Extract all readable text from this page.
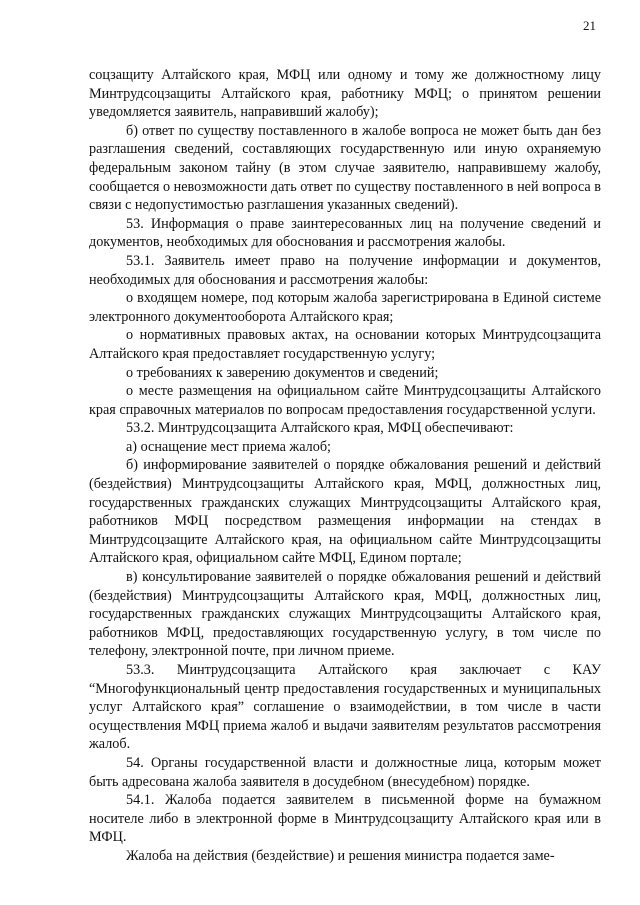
21

соцзащиту Алтайского края, МФЦ или одному и тому же должностному лицу Минтрудсоцзащиты Алтайского края, работнику МФЦ; о принятом решении уведомляется заявитель, направивший жалобу);

б) ответ по существу поставленного в жалобе вопроса не может быть дан без разглашения сведений, составляющих государственную или иную охраняемую федеральным законом тайну (в этом случае заявителю, направившему жалобу, сообщается о невозможности дать ответ по существу поставленного в ней вопроса в связи с недопустимостью разглашения указанных сведений).

53. Информация о праве заинтересованных лиц на получение сведений и документов, необходимых для обоснования и рассмотрения жалобы.

53.1. Заявитель имеет право на получение информации и документов, необходимых для обоснования и рассмотрения жалобы:

о входящем номере, под которым жалоба зарегистрирована в Единой системе электронного документооборота Алтайского края;

о нормативных правовых актах, на основании которых Минтрудсоцзащита Алтайского края предоставляет государственную услугу;

о требованиях к заверению документов и сведений;

о месте размещения на официальном сайте Минтрудсоцзащиты Алтайского края справочных материалов по вопросам предоставления государственной услуги.

53.2. Минтрудсоцзащита Алтайского края, МФЦ обеспечивают:

а) оснащение мест приема жалоб;

б) информирование заявителей о порядке обжалования решений и действий (бездействия) Минтрудсоцзащиты Алтайского края, МФЦ, должностных лиц, государственных гражданских служащих Минтрудсоцзащиты Алтайского края, работников МФЦ посредством размещения информации на стендах в Минтрудсоцзащите Алтайского края, на официальном сайте Минтрудсоцзащиты Алтайского края, официальном сайте МФЦ, Едином портале;

в) консультирование заявителей о порядке обжалования решений и действий (бездействия) Минтрудсоцзащиты Алтайского края, МФЦ, должностных лиц, государственных гражданских служащих Минтрудсоцзащиты Алтайского края, работников МФЦ, предоставляющих государственную услугу, в том числе по телефону, электронной почте, при личном приеме.

53.3. Минтрудсоцзащита Алтайского края заключает с КАУ “Многофункциональный центр предоставления государственных и муниципальных услуг Алтайского края” соглашение о взаимодействии, в том числе в части осуществления МФЦ приема жалоб и выдачи заявителям результатов рассмотрения жалоб.

54. Органы государственной власти и должностные лица, которым может быть адресована жалоба заявителя в досудебном (внесудебном) порядке.

54.1. Жалоба подается заявителем в письменной форме на бумажном носителе либо в электронной форме в Минтрудсоцзащиту Алтайского края или в МФЦ.

Жалоба на действия (бездействие) и решения министра подается заме-
